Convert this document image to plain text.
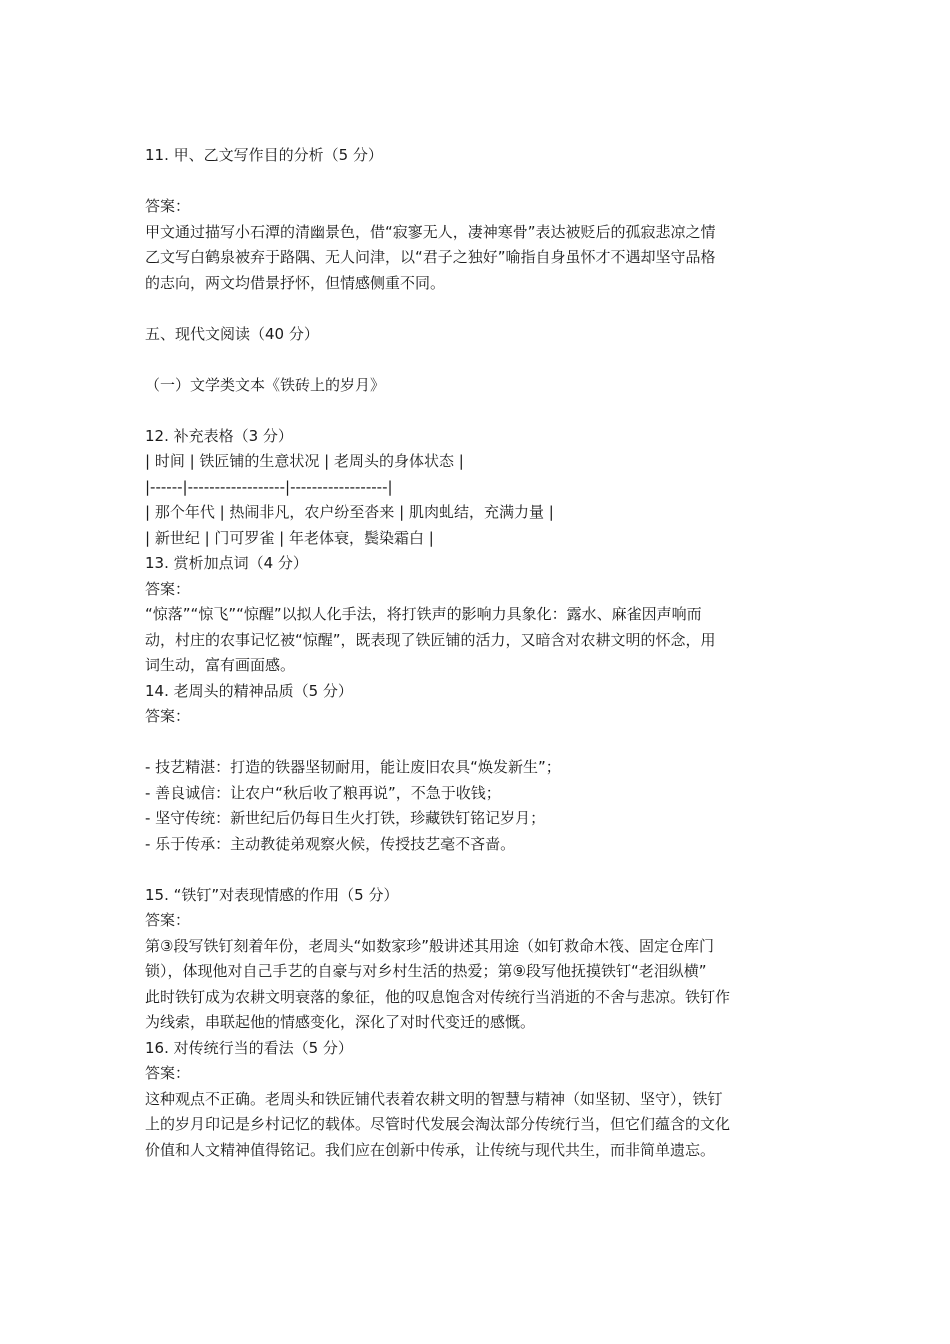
11. 甲、乙文写作目的分析（5 分）

答案：

甲文通过描写小石潭的清幽景色，借“寂寥无人，凄神寒骨”表达被贬后的孤寂悲凉之情

乙文写白鹤泉被弃于路隅、无人问津，以“君子之独好”喻指自身虽怀才不遇却坚守品格

的志向，两文均借景抒怀，但情感侧重不同。

五、现代文阅读（40 分）

（一）文学类文本《铁砖上的岁月》

12. 补充表格（3 分）

| 时间 | 铁匠铺的生意状况 | 老周头的身体状态 |

|------|------------------|------------------|

| 那个年代 | 热闹非凡，农户纷至沓来 | 肌肉虬结，充满力量 |

| 新世纪 | 门可罗雀 | 年老体衰，鬓染霜白 |

13. 赏析加点词（4 分）

答案：

“惊落”“惊飞”“惊醒”以拟人化手法，将打铁声的影响力具象化：露水、麻雀因声响而

动，村庄的农事记忆被“惊醒”，既表现了铁匠铺的活力，又暗含对农耕文明的怀念，用

词生动，富有画面感。

14. 老周头的精神品质（5 分）

答案：

- 技艺精湛：打造的铁器坚韧耐用，能让废旧农具“焕发新生”；

- 善良诚信：让农户“秋后收了粮再说”，不急于收钱；

- 坚守传统：新世纪后仍每日生火打铁，珍藏铁钉铭记岁月；

- 乐于传承：主动教徒弟观察火候，传授技艺毫不吝啬。

15. “铁钉”对表现情感的作用（5 分）

答案：

第③段写铁钉刻着年份，老周头“如数家珍”般讲述其用途（如钉救命木筏、固定仓库门

锁），体现他对自己手艺的自豪与对乡村生活的热爱；第⑨段写他抚摸铁钉“老泪纵横”

此时铁钉成为农耕文明衰落的象征，他的叹息饱含对传统行当消逝的不舍与悲凉。铁钉作

为线索，串联起他的情感变化，深化了对时代变迁的感慨。

16. 对传统行当的看法（5 分）

答案：

这种观点不正确。老周头和铁匠铺代表着农耕文明的智慧与精神（如坚韧、坚守），铁钉

上的岁月印记是乡村记忆的载体。尽管时代发展会淘汰部分传统行当，但它们蕴含的文化

价值和人文精神值得铭记。我们应在创新中传承，让传统与现代共生，而非简单遗忘。
